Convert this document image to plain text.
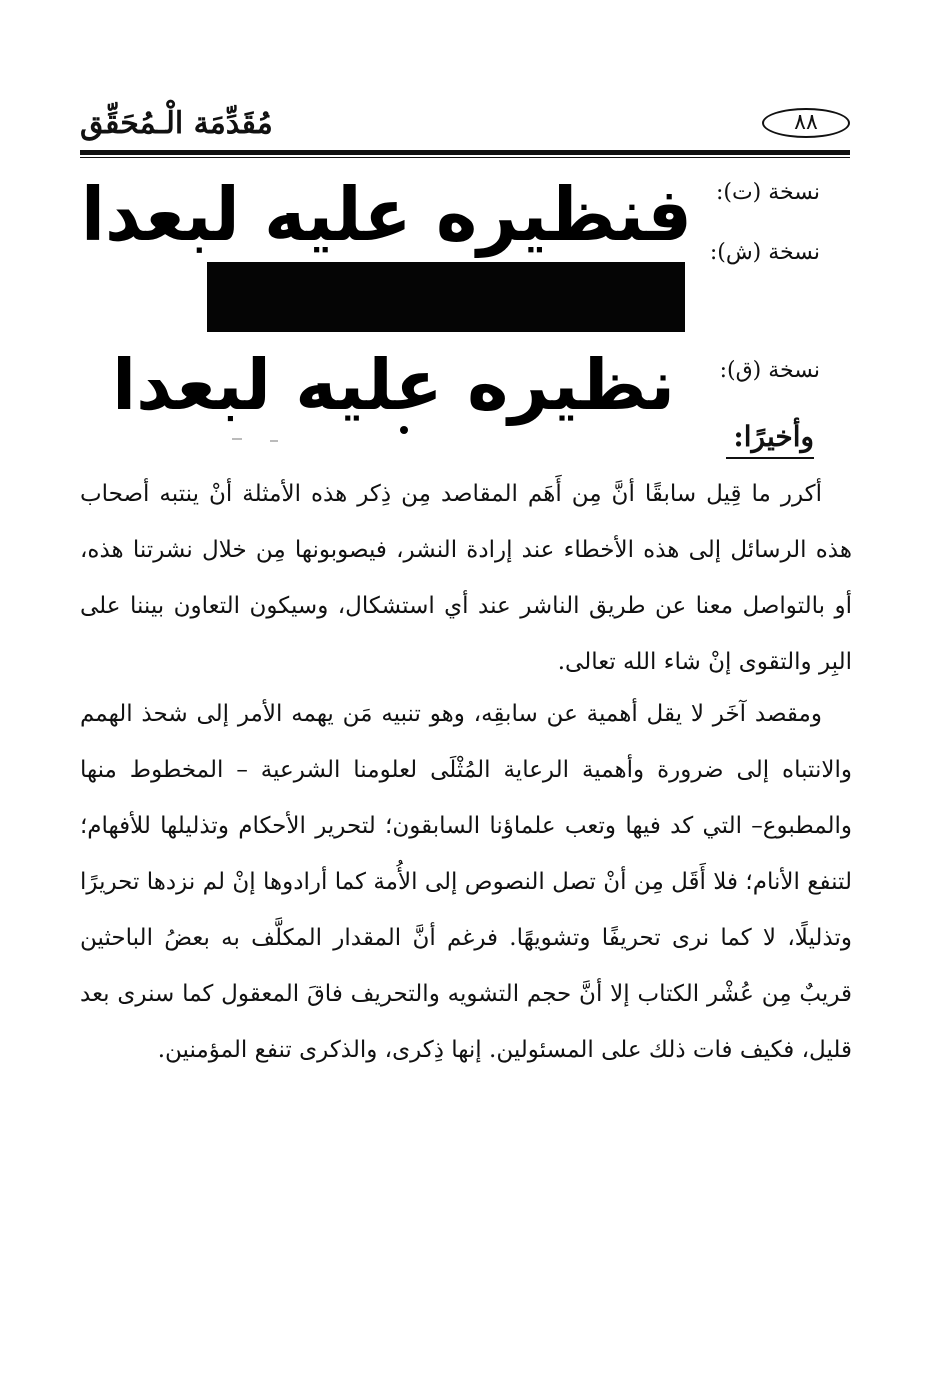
مُقَدِّمَة الْـمُحَقِّق	٨٨
نسخة (ت):
فنظيره عليه لبعدا نسخة (ش):
نسخة (ق):
نظيره عليه لبعدا
وأخيرًا:

أكرر ما قِيل سابقًا أنَّ مِن أَهَم المقاصد مِن ذِكر هذه الأمثلة أنْ ينتبه أصحاب هذه الرسائل إلى هذه الأخطاء عند إرادة النشر، فيصوبونها مِن خلال نشرتنا هذه، أو بالتواصل معنا عن طريق الناشر عند أي استشكال، وسيكون التعاون بيننا على البِر والتقوى إنْ شاء الله تعالى.

ومقصد آخَر لا يقل أهمية عن سابقِه، وهو تنبيه مَن يهمه الأمر إلى شحذ الهمم والانتباه إلى ضرورة وأهمية الرعاية المُثْلَى لعلومنا الشرعية – المخطوط منها والمطبوع– التي كد فيها وتعب علماؤنا السابقون؛ لتحرير الأحكام وتذليلها للأفهام؛ لتنفع الأنام؛ فلا أَقَل مِن أنْ تصل النصوص إلى الأُمة كما أرادوها إنْ لم نزدها تحريرًا وتذليلًا، لا كما نرى تحريفًا وتشويهًا. فرغم أنَّ المقدار المكلَّف به بعضُ الباحثين قريبٌ مِن عُشْر الكتاب إلا أنَّ حجم التشويه والتحريف فاقَ المعقول كما سنرى بعد قليل، فكيف فات ذلك على المسئولين. إنها ذِكرى، والذكرى تنفع المؤمنين.
